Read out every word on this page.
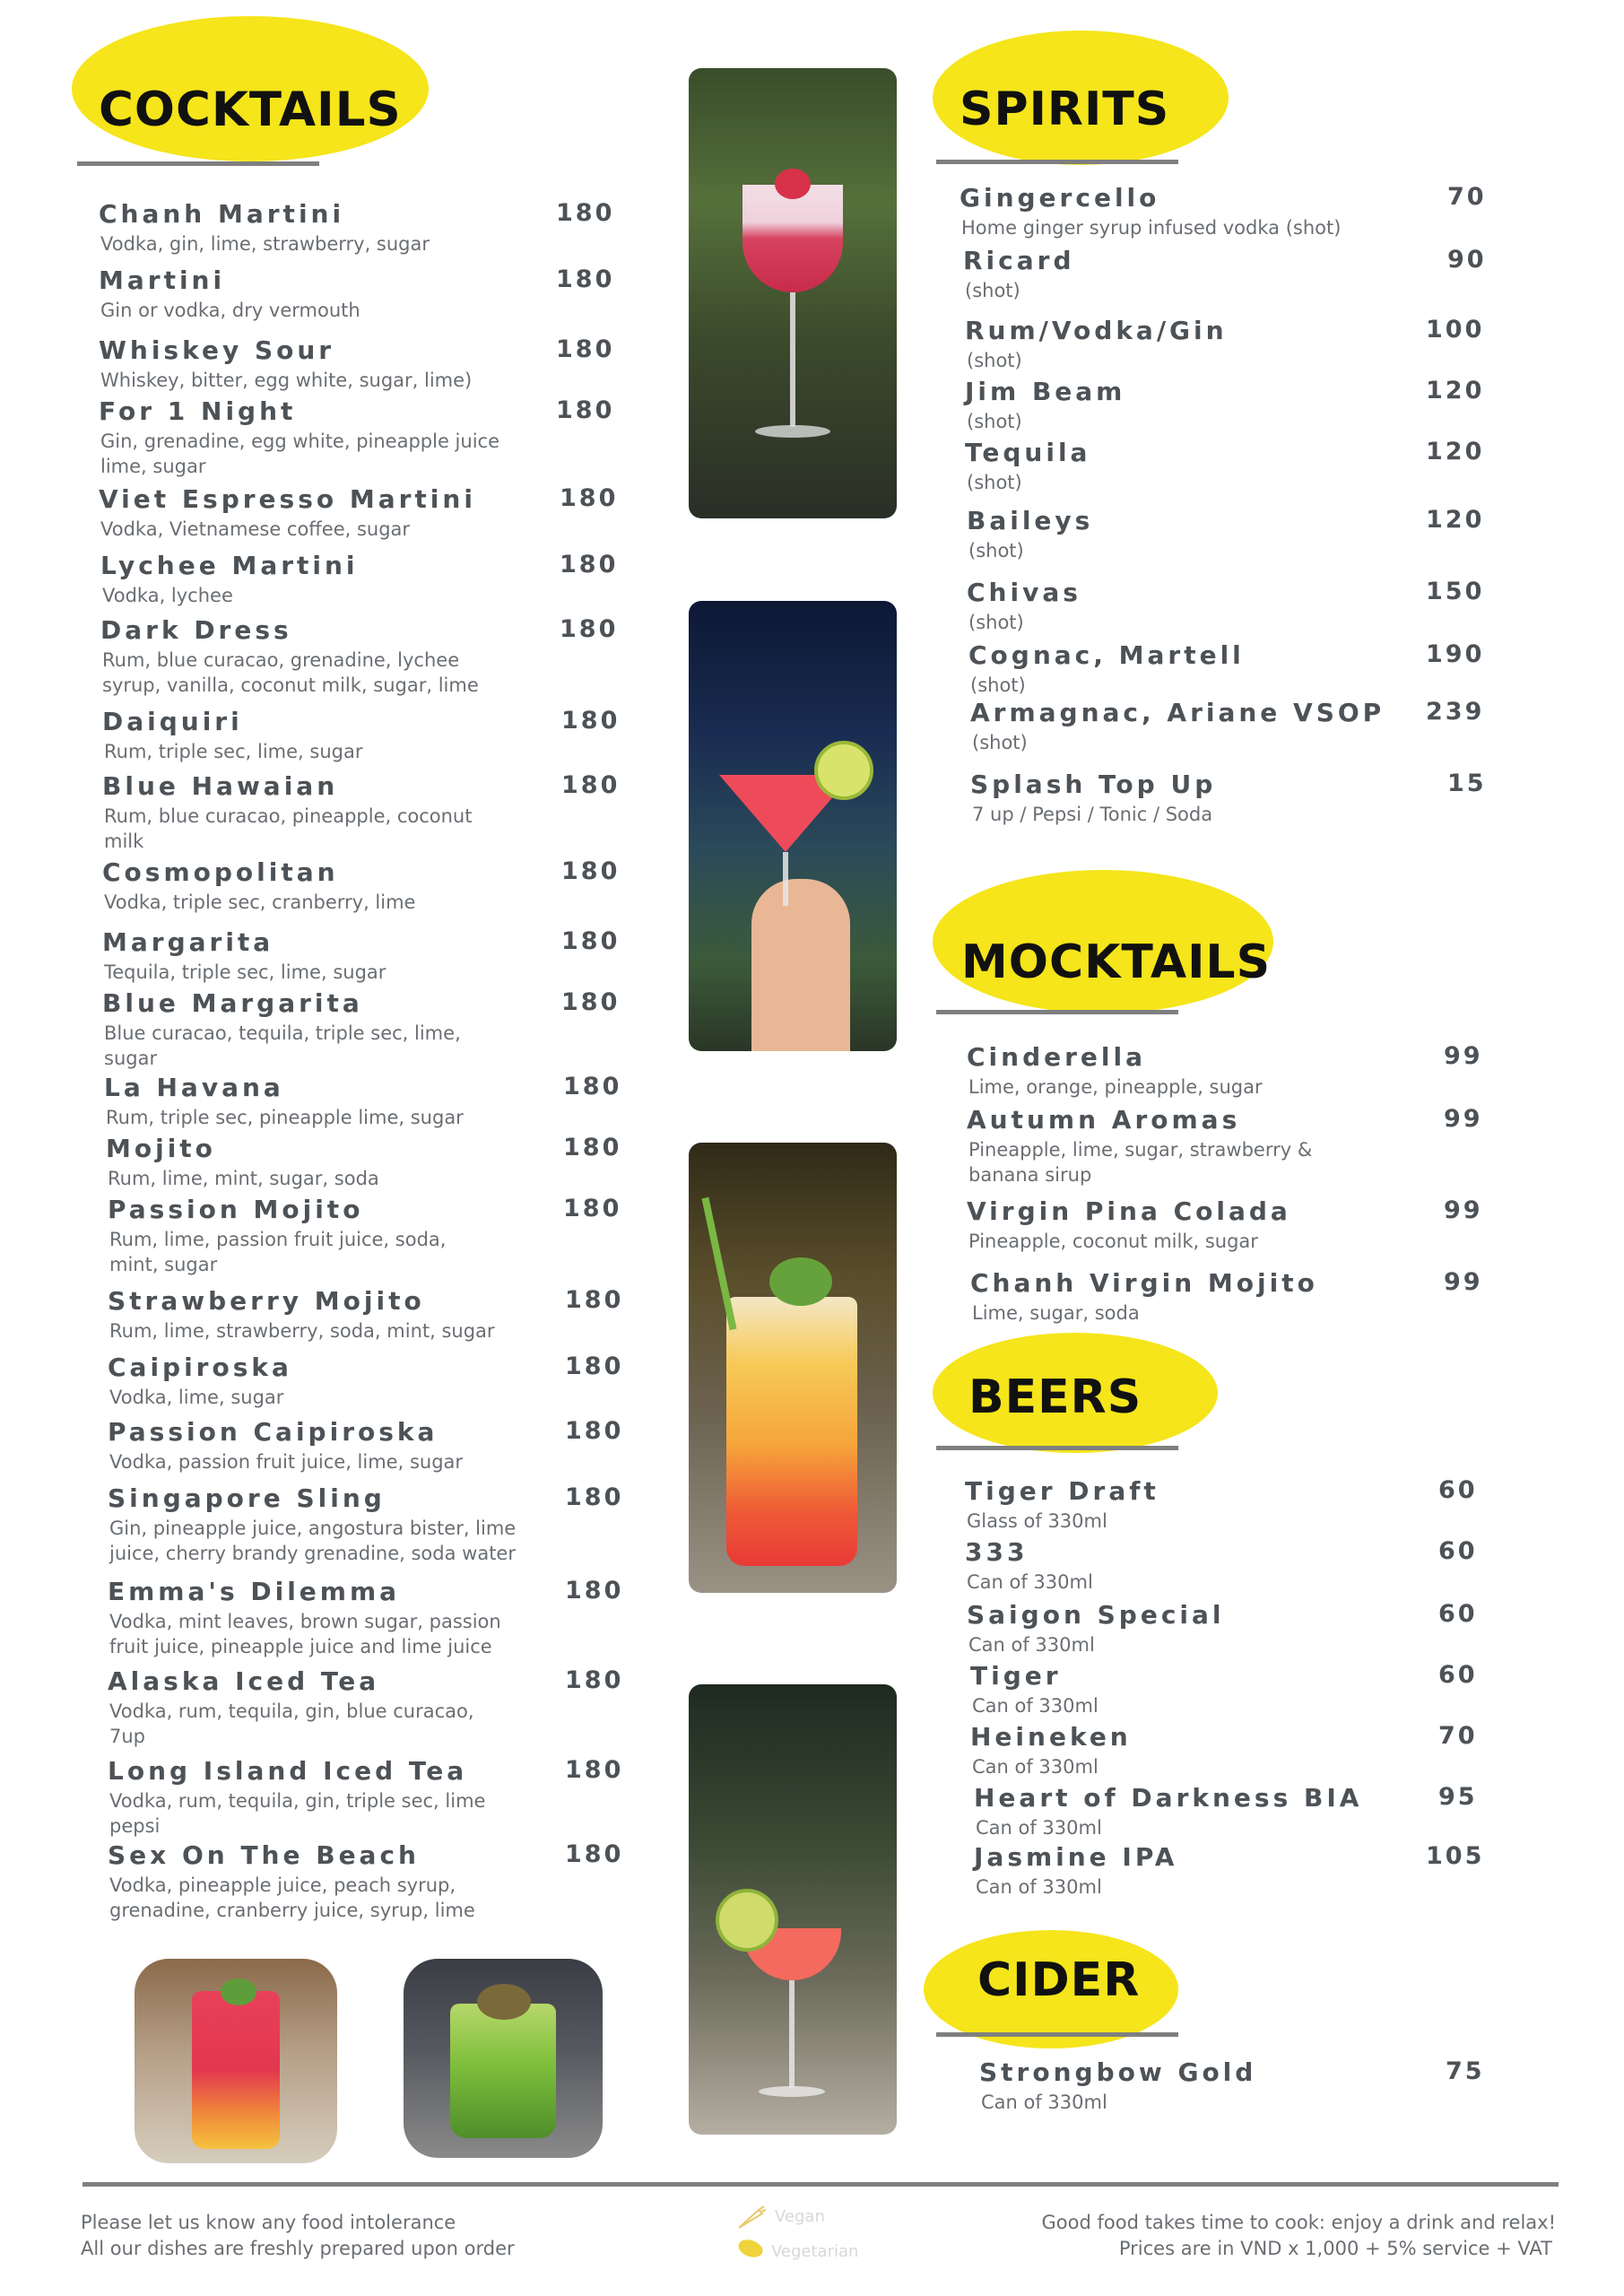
COCKTAILS
Chanh Martini
Vodka, gin, lime, strawberry, sugar
180
Martini
Gin or vodka, dry vermouth
180
Whiskey Sour
Whiskey, bitter, egg white, sugar, lime)
180
For 1 Night
Gin, grenadine, egg white, pineapple juice
lime, sugar
180
Viet Espresso Martini
Vodka, Vietnamese coffee, sugar
180
Lychee Martini
Vodka, lychee
180
Dark Dress
Rum, blue curacao, grenadine, lychee
syrup, vanilla, coconut milk, sugar, lime
180
Daiquiri
Rum, triple sec, lime, sugar
180
Blue Hawaian
Rum, blue curacao, pineapple, coconut
milk
180
Cosmopolitan
Vodka, triple sec, cranberry, lime
180
Margarita
Tequila, triple sec, lime, sugar
180
Blue Margarita
Blue curacao, tequila, triple sec, lime,
sugar
180
La Havana
Rum, triple sec, pineapple lime, sugar
180
Mojito
Rum, lime, mint, sugar, soda
180
Passion Mojito
Rum, lime, passion fruit juice, soda,
mint, sugar
180
Strawberry Mojito
Rum, lime, strawberry, soda, mint, sugar
180
Caipiroska
Vodka, lime, sugar
180
Passion Caipiroska
Vodka, passion fruit juice, lime, sugar
180
Singapore Sling
Gin, pineapple juice, angostura bister, lime
juice, cherry brandy grenadine, soda water
180
Emma's Dilemma
Vodka, mint leaves, brown sugar, passion
fruit juice, pineapple juice and lime juice
180
Alaska Iced Tea
Vodka, rum, tequila, gin, blue curacao,
7up
180
Long Island Iced Tea
Vodka, rum, tequila, gin, triple sec, lime
pepsi
180
Sex On The Beach
Vodka, pineapple juice, peach syrup,
grenadine, cranberry juice, syrup, lime
180
SPIRITS
Gingercello
Home ginger syrup infused vodka (shot)
70
Ricard
(shot)
90
Rum/Vodka/Gin
(shot)
100
Jim Beam
(shot)
120
Tequila
(shot)
120
Baileys
(shot)
120
Chivas
(shot)
150
Cognac, Martell
(shot)
190
Armagnac, Ariane VSOP
(shot)
239
Splash Top Up
7 up / Pepsi / Tonic / Soda
15
MOCKTAILS
Cinderella
Lime, orange, pineapple, sugar
99
Autumn Aromas
Pineapple, lime, sugar, strawberry &
banana sirup
99
Virgin Pina Colada
Pineapple, coconut milk, sugar
99
Chanh Virgin Mojito
Lime, sugar, soda
99
BEERS
Tiger Draft
Glass of 330ml
60
333
Can of 330ml
60
Saigon Special
Can of 330ml
60
Tiger
Can of 330ml
60
Heineken
Can of 330ml
70
Heart of Darkness BIA
Can of 330ml
95
Jasmine IPA
Can of 330ml
105
CIDER
Strongbow Gold
Can of 330ml
75
Please let us know any food intolerance
All our dishes are freshly prepared upon order
Vegan
Vegetarian
Good food takes time to cook: enjoy a drink and relax!
Prices are in VND x 1,000 + 5% service + VAT
